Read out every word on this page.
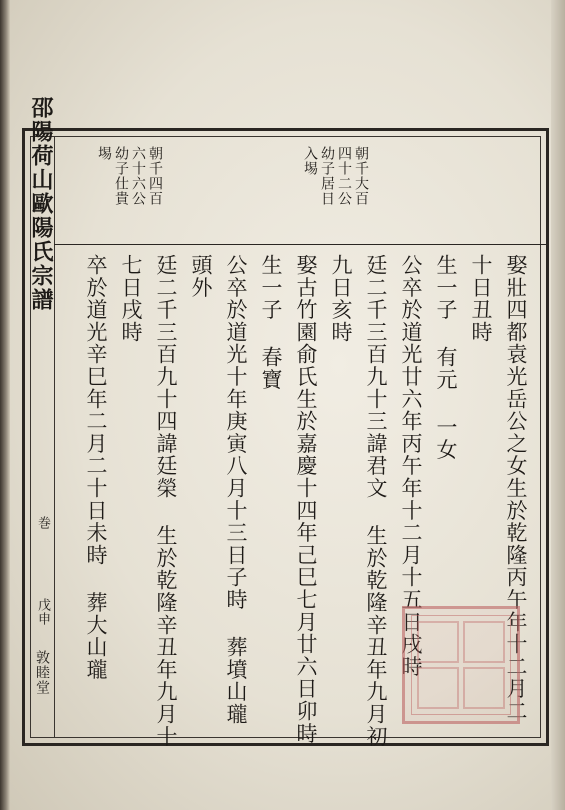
邵陽荷山歐陽氏宗譜
巻
戊申
敦睦堂
朝千大百
四十二公
幼子居日
入埸
朝千四百
六十六公
幼子仕貴
埸
娶壯四都袁光岳公之女生於乾隆丙午年十二月二
十日丑時
生一子 有元 一女
公卒於道光廿六年丙午年十二月十五日戌時
廷二千三百九十三諱君文 生於乾隆辛丑年九月初
九日亥時
娶古竹園俞氏生於嘉慶十四年己巳七月廿六日卯時
生一子 春寶
公卒於道光十年庚寅八月十三日子時 葬墳山瓏
頭外
廷二千三百九十四諱廷榮 生於乾隆辛丑年九月十
七日戌時
卒於道光辛巳年二月二十日未時 葬大山瓏
